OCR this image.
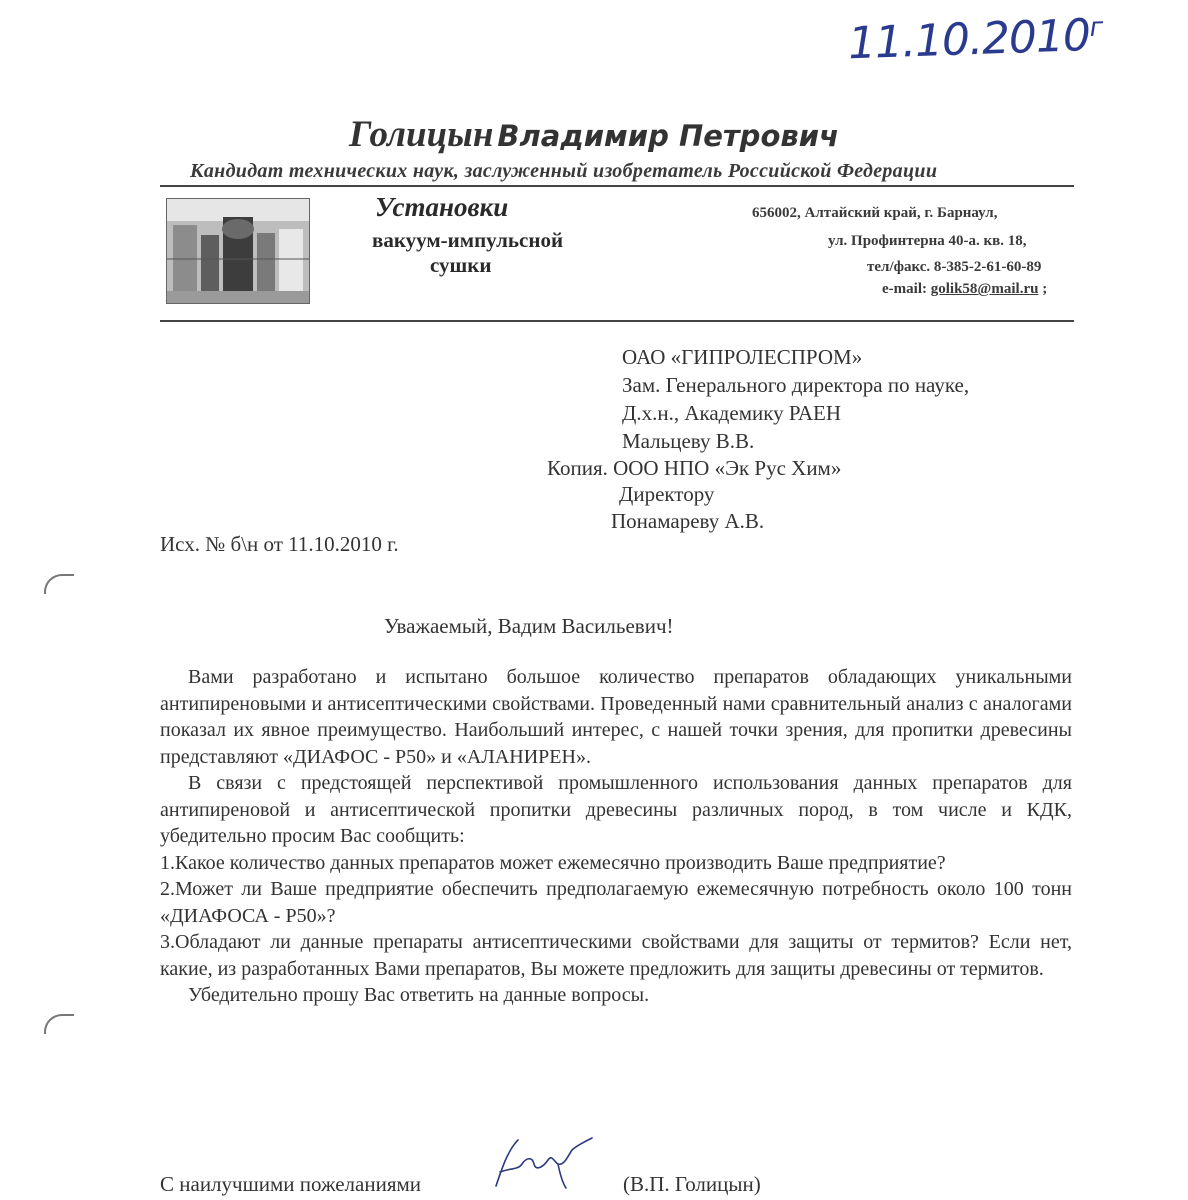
$11.10.2010^г$
Голицын Владимир Петрович
Кандидат технических наук, заслуженный изобретатель Российской Федерации
Установки
вакуум-импульсной
сушки
656002, Алтайский край, г. Барнаул,
ул. Профинтерна 40-а. кв. 18,
тел/факс. 8-385-2-61-60-89
e-mail: golik58@mail.ru ;
ОАО «ГИПРОЛЕСПРОМ»
Зам. Генерального директора по науке,
Д.х.н., Академику РАЕН
Мальцеву В.В.
Копия. ООО НПО «Эк Рус Хим»
Директору
Понамареву А.В.
Исх. № б\н от 11.10.2010 г.
Уважаемый, Вадим Васильевич!

Вами разработано и испытано большое количество препаратов обладающих уникальными антипиреновыми и антисептическими свойствами. Проведенный нами сравнительный анализ с аналогами показал их явное преимущество. Наибольший интерес, с нашей точки зрения, для пропитки древесины представляют «ДИАФОС - Р50» и «АЛАНИРЕН».

В связи с предстоящей перспективой промышленного использования данных препаратов для антипиреновой и антисептической пропитки древесины различных пород, в том числе и КДК, убедительно просим Вас сообщить:

1.Какое количество данных препаратов может ежемесячно производить Ваше предприятие?

2.Может ли Ваше предприятие обеспечить предполагаемую ежемесячную потребность около 100 тонн «ДИАФОСА - Р50»?

3.Обладают ли данные препараты антисептическими свойствами для защиты от термитов? Если нет, какие, из разработанных Вами препаратов, Вы можете предложить для защиты древесины от термитов.

Убедительно прошу Вас ответить на данные вопросы.

С наилучшими пожеланиями	(В.П. Голицын)
